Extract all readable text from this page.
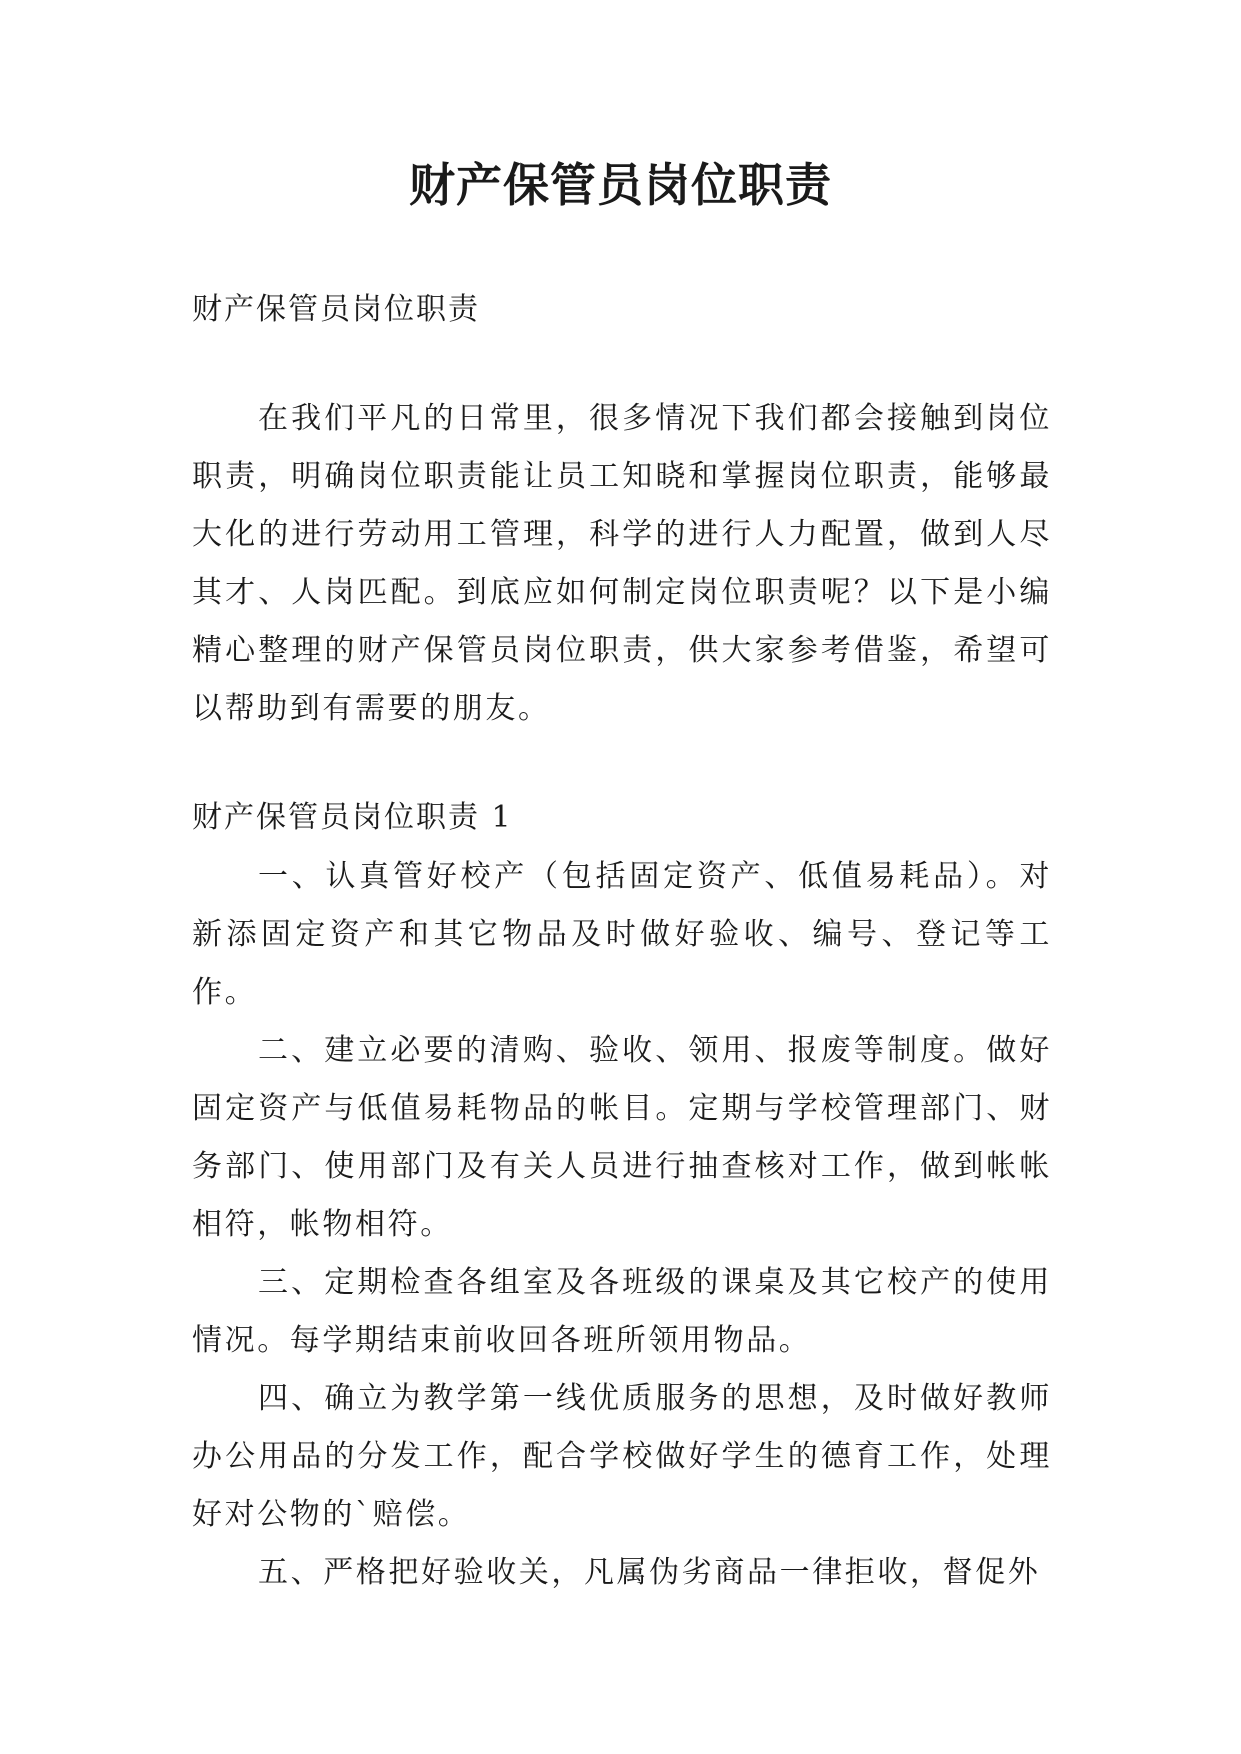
财产保管员岗位职责

财产保管员岗位职责

在我们平凡的日常里，很多情况下我们都会接触到岗位职责，明确岗位职责能让员工知晓和掌握岗位职责，能够最大化的进行劳动用工管理，科学的进行人力配置，做到人尽其才、人岗匹配。到底应如何制定岗位职责呢？以下是小编精心整理的财产保管员岗位职责，供大家参考借鉴，希望可以帮助到有需要的朋友。

财产保管员岗位职责 1

一、认真管好校产（包括固定资产、低值易耗品）。对新添固定资产和其它物品及时做好验收、编号、登记等工作。

二、建立必要的清购、验收、领用、报废等制度。做好固定资产与低值易耗物品的帐目。定期与学校管理部门、财务部门、使用部门及有关人员进行抽查核对工作，做到帐帐相符，帐物相符。

三、定期检查各组室及各班级的课桌及其它校产的使用情况。每学期结束前收回各班所领用物品。

四、确立为教学第一线优质服务的思想，及时做好教师办公用品的分发工作，配合学校做好学生的德育工作，处理好对公物的`赔偿。

五、严格把好验收关，凡属伪劣商品一律拒收，督促外
